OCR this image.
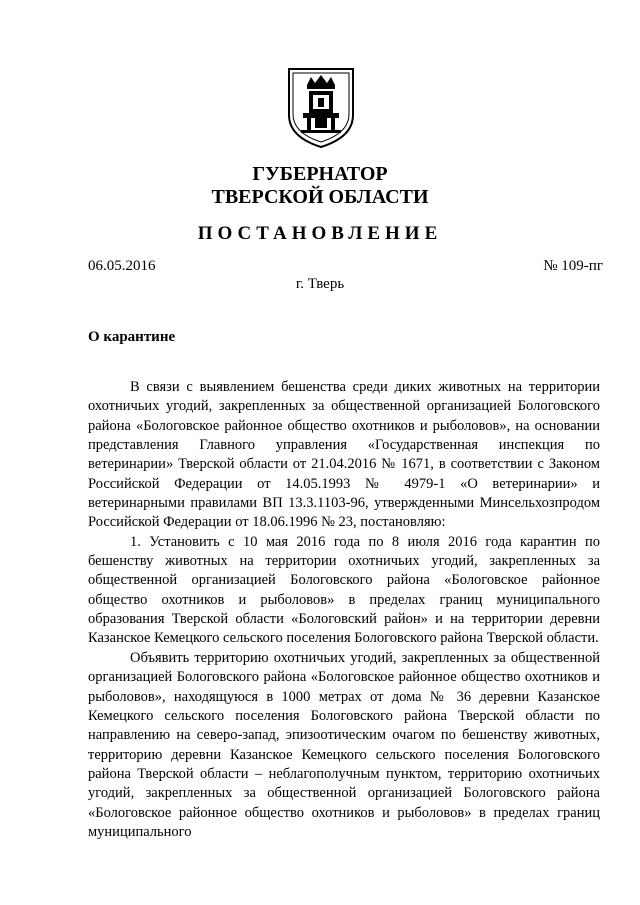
ГУБЕРНАТОР
ТВЕРСКОЙ ОБЛАСТИ
ПОСТАНОВЛЕНИЕ
06.05.2016	№ 109-пг
г. Тверь
О карантине

В связи с выявлением бешенства среди диких животных на территории охотничьих угодий, закрепленных за общественной организацией Бологовского района «Бологовское районное общество охотников и рыболовов», на основании представления Главного управления «Государственная инспекция по ветеринарии» Тверской области от 21.04.2016 № 1671, в соответствии с Законом Российской Федерации от 14.05.1993 № 4979-1 «О ветеринарии» и ветеринарными правилами ВП 13.3.1103-96, утвержденными Минсельхозпродом Российской Федерации от 18.06.1996 № 23, постановляю:

1. Установить с 10 мая 2016 года по 8 июля 2016 года карантин по бешенству животных на территории охотничьих угодий, закрепленных за общественной организацией Бологовского района «Бологовское районное общество охотников и рыболовов» в пределах границ муниципального образования Тверской области «Бологовский район» и на территории деревни Казанское Кемецкого сельского поселения Бологовского района Тверской области.

Объявить территорию охотничьих угодий, закрепленных за общественной организацией Бологовского района «Бологовское районное общество охотников и рыболовов», находящуюся в 1000 метрах от дома № 36 деревни Казанское Кемецкого сельского поселения Бологовского района Тверской области по направлению на северо-запад, эпизоотическим очагом по бешенству животных, территорию деревни Казанское Кемецкого сельского поселения Бологовского района Тверской области – неблагополучным пунктом, территорию охотничьих угодий, закрепленных за общественной организацией Бологовского района «Бологовское районное общество охотников и рыболовов» в пределах границ муниципального
